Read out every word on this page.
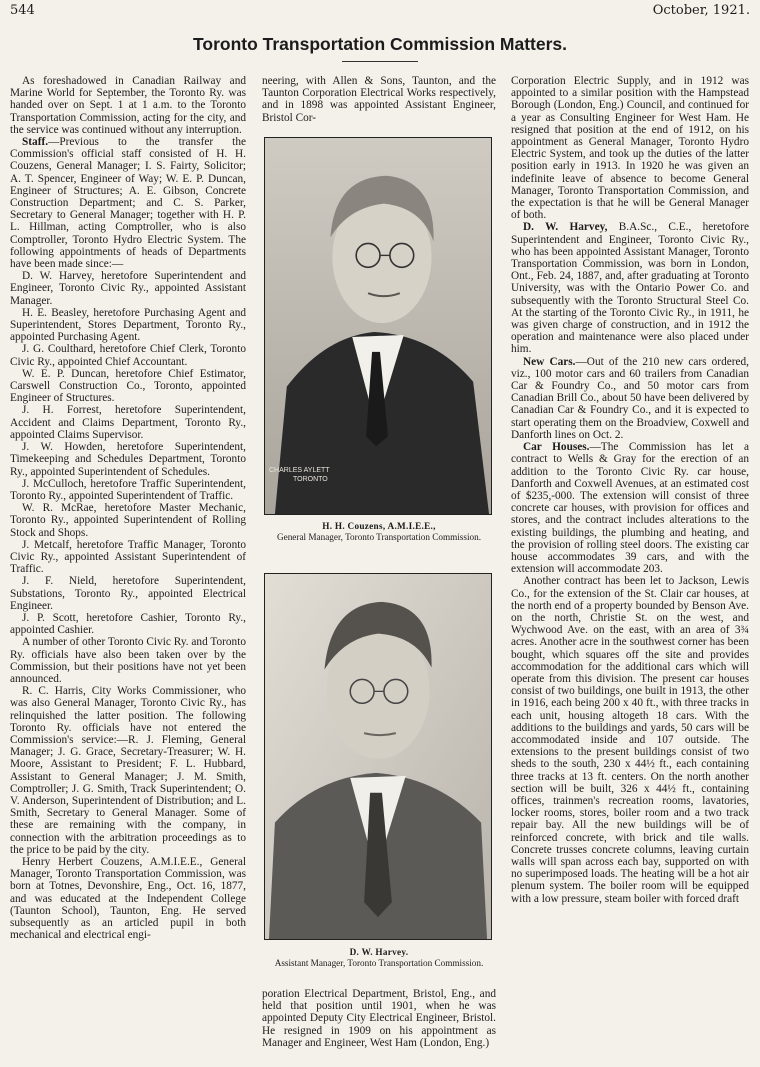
544	October, 1921.
Toronto Transportation Commission Matters.

As foreshadowed in Canadian Railway and Marine World for September, the Toronto Ry. was handed over on Sept. 1 at 1 a.m. to the Toronto Transportation Commission, acting for the city, and the service was continued without any interruption.

Staff.—Previous to the transfer the Commission's official staff consisted of H. H. Couzens, General Manager; I. S. Fairty, Solicitor; A. T. Spencer, Engineer of Way; W. E. P. Duncan, Engineer of Structures; A. E. Gibson, Concrete Construction Department; and C. S. Parker, Secretary to General Manager; together with H. P. L. Hillman, acting Comptroller, who is also Comptroller, Toronto Hydro Electric System. The following appointments of heads of Departments have been made since:—

D. W. Harvey, heretofore Superintendent and Engineer, Toronto Civic Ry., appointed Assistant Manager.

H. E. Beasley, heretofore Purchasing Agent and Superintendent, Stores Department, Toronto Ry., appointed Purchasing Agent.

J. G. Coulthard, heretofore Chief Clerk, Toronto Civic Ry., appointed Chief Accountant.

W. E. P. Duncan, heretofore Chief Estimator, Carswell Construction Co., Toronto, appointed Engineer of Structures.

J. H. Forrest, heretofore Superintendent, Accident and Claims Department, Toronto Ry., appointed Claims Supervisor.

J. W. Howden, heretofore Superintendent, Timekeeping and Schedules Department, Toronto Ry., appointed Superintendent of Schedules.

J. McCulloch, heretofore Traffic Superintendent, Toronto Ry., appointed Superintendent of Traffic.

W. R. McRae, heretofore Master Mechanic, Toronto Ry., appointed Superintendent of Rolling Stock and Shops.

J. Metcalf, heretofore Traffic Manager, Toronto Civic Ry., appointed Assistant Superintendent of Traffic.

J. F. Nield, heretofore Superintendent, Substations, Toronto Ry., appointed Electrical Engineer.

J. P. Scott, heretofore Cashier, Toronto Ry., appointed Cashier.

A number of other Toronto Civic Ry. and Toronto Ry. officials have also been taken over by the Commission, but their positions have not yet been announced.

R. C. Harris, City Works Commissioner, who was also General Manager, Toronto Civic Ry., has relinquished the latter position. The following Toronto Ry. officials have not entered the Commission's service:—R. J. Fleming, General Manager; J. G. Grace, Secretary-Treasurer; W. H. Moore, Assistant to President; F. L. Hubbard, Assistant to General Manager; J. M. Smith, Comptroller; J. G. Smith, Track Superintendent; O. V. Anderson, Superintendent of Distribution; and L. Smith, Secretary to General Manager. Some of these are remaining with the company, in connection with the arbitration proceedings as to the price to be paid by the city.

Henry Herbert Couzens, A.M.I.E.E., General Manager, Toronto Transportation Commission, was born at Totnes, Devonshire, Eng., Oct. 16, 1877, and was educated at the Independent College (Taunton School), Taunton, Eng. He served subsequently as an articled pupil in both mechanical and electrical engi-

neering, with Allen & Sons, Taunton, and the Taunton Corporation Electrical Works respectively, and in 1898 was appointed Assistant Engineer, Bristol Cor-

poration Electrical Department, Bristol, Eng., and held that position until 1901, when he was appointed Deputy City Electrical Engineer, Bristol. He resigned in 1909 on his appointment as Manager and Engineer, West Ham (London, Eng.)

CHARLES AYLETT
TORONTO
H. H. Couzens, A.M.I.E.E.,
General Manager, Toronto Transportation Commission.
D. W. Harvey.
Assistant Manager, Toronto Transportation Commission.

Corporation Electric Supply, and in 1912 was appointed to a similar position with the Hampstead Borough (London, Eng.) Council, and continued for a year as Consulting Engineer for West Ham. He resigned that position at the end of 1912, on his appointment as General Manager, Toronto Hydro Electric System, and took up the duties of the latter position early in 1913. In 1920 he was given an indefinite leave of absence to become General Manager, Toronto Transportation Commission, and the expectation is that he will be General Manager of both.

D. W. Harvey, B.A.Sc., C.E., heretofore Superintendent and Engineer, Toronto Civic Ry., who has been appointed Assistant Manager, Toronto Transportation Commission, was born in London, Ont., Feb. 24, 1887, and, after graduating at Toronto University, was with the Ontario Power Co. and subsequently with the Toronto Structural Steel Co. At the starting of the Toronto Civic Ry., in 1911, he was given charge of construction, and in 1912 the operation and maintenance were also placed under him.

New Cars.—Out of the 210 new cars ordered, viz., 100 motor cars and 60 trailers from Canadian Car & Foundry Co., and 50 motor cars from Canadian Brill Co., about 50 have been delivered by Canadian Car & Foundry Co., and it is expected to start operating them on the Broadview, Coxwell and Danforth lines on Oct. 2.

Car Houses.—The Commission has let a contract to Wells & Gray for the erection of an addition to the Toronto Civic Ry. car house, Danforth and Coxwell Avenues, at an estimated cost of $235,-000. The extension will consist of three concrete car houses, with provision for offices and stores, and the contract includes alterations to the existing buildings, the plumbing and heating, and the provision of rolling steel doors. The existing car house accommodates 39 cars, and with the extension will accommodate 203.

Another contract has been let to Jackson, Lewis Co., for the extension of the St. Clair car houses, at the north end of a property bounded by Benson Ave. on the north, Christie St. on the west, and Wychwood Ave. on the east, with an area of 3¾ acres. Another acre in the southwest corner has been bought, which squares off the site and provides accommodation for the additional cars which will operate from this division. The present car houses consist of two buildings, one built in 1913, the other in 1916, each being 200 x 40 ft., with three tracks in each unit, housing altogeth 18 cars. With the additions to the buildings and yards, 50 cars will be accommodated inside and 107 outside. The extensions to the present buildings consist of two sheds to the south, 230 x 44½ ft., each containing three tracks at 13 ft. centers. On the north another section will be built, 326 x 44½ ft., containing offices, trainmen's recreation rooms, lavatories, locker rooms, stores, boiler room and a two track repair bay. All the new buildings will be of reinforced concrete, with brick and tile walls. Concrete trusses concrete columns, leaving curtain walls will span across each bay, supported on with no superimposed loads. The heating will be a hot air plenum system. The boiler room will be equipped with a low pressure, steam boiler with forced draft
